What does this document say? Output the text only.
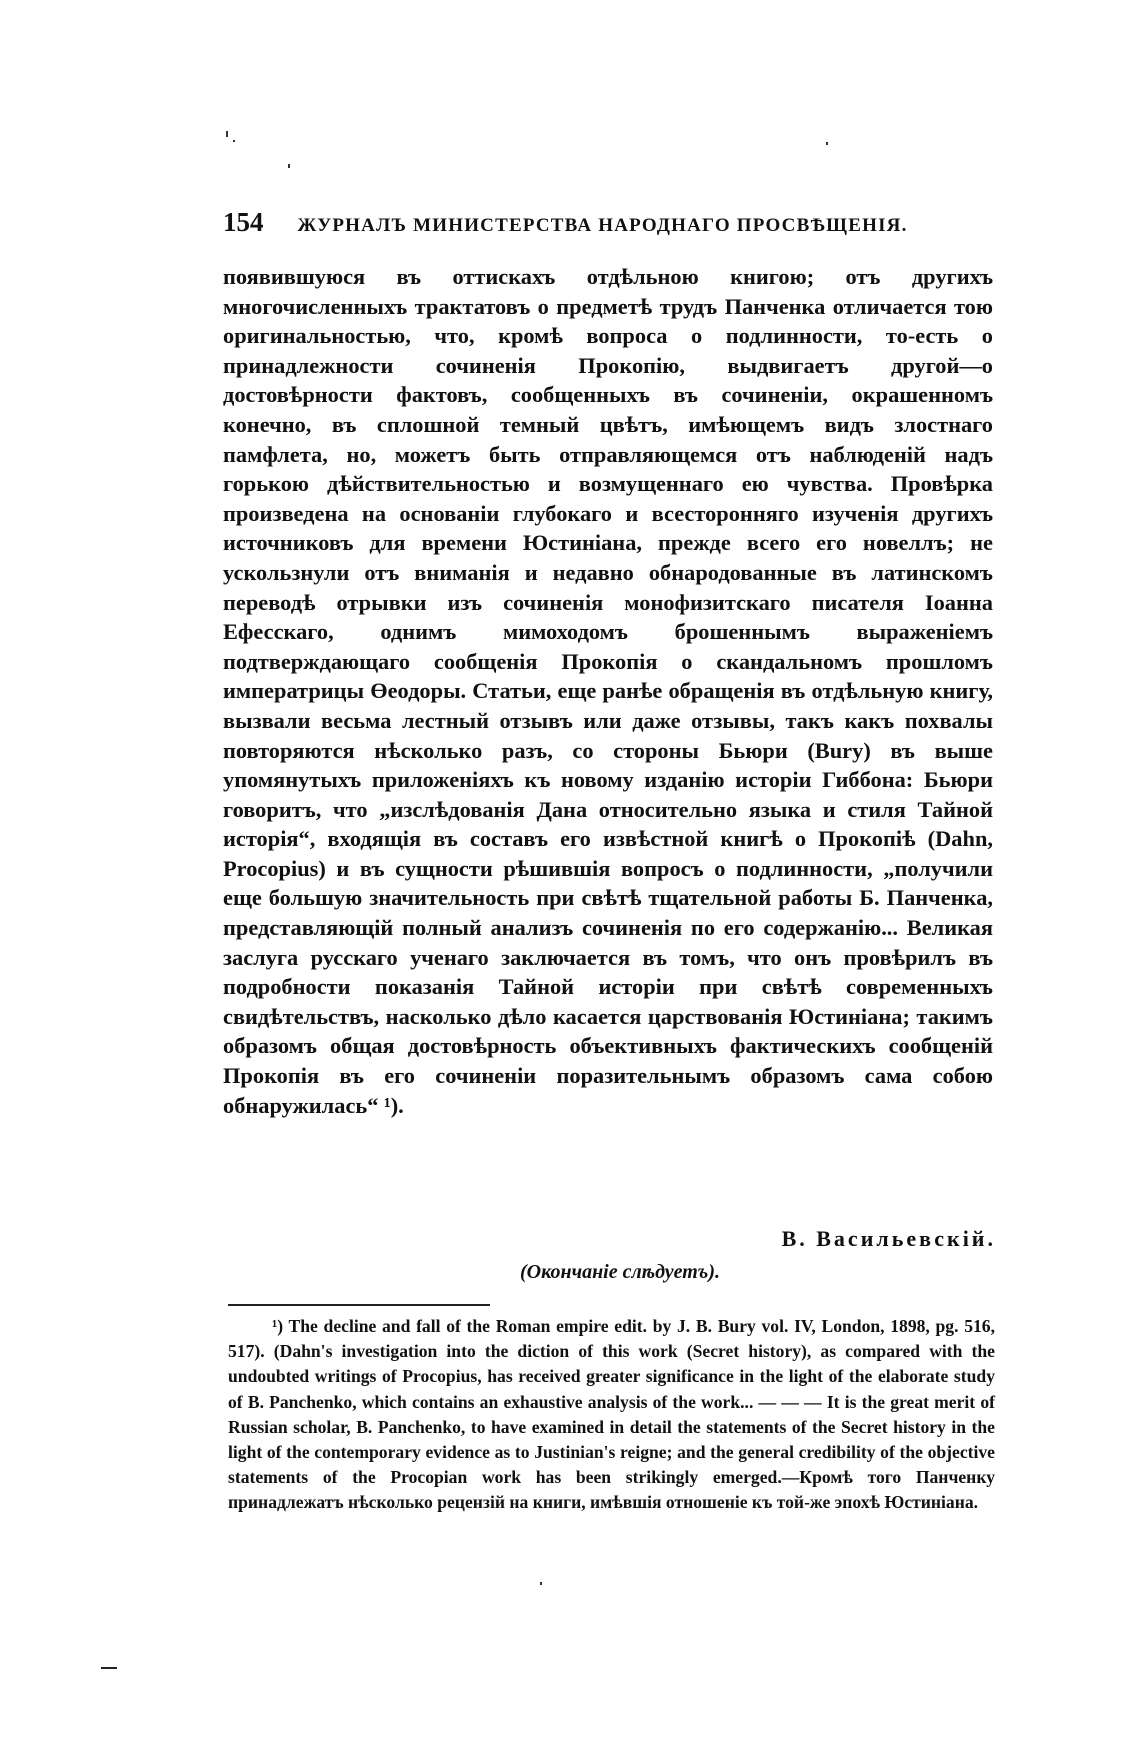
154 ЖУРНАЛЪ МИНИСТЕРСТВА НАРОДНАГО ПРОСВѢЩЕНІЯ.

появившуюся въ оттискахъ отдѣльною книгою; отъ другихъ многочисленныхъ трактатовъ о предметѣ трудъ Панченка отличается тою оригинальностью, что, кромѣ вопроса о подлинности, то-есть о принадлежности сочиненія Прокопію, выдвигаетъ другой—о достовѣрности фактовъ, сообщенныхъ въ сочиненіи, окрашенномъ конечно, въ сплошной темный цвѣтъ, имѣющемъ видъ злостнаго памфлета, но, можетъ быть отправляющемся отъ наблюденій надъ горькою дѣйствительностью и возмущеннаго ею чувства. Провѣрка произведена на основаніи глубокаго и всесторонняго изученія другихъ источниковъ для времени Юстиніана, прежде всего его новеллъ; не ускользнули отъ вниманія и недавно обнародованные въ латинскомъ переводѣ отрывки изъ сочиненія монофизитскаго писателя Іоанна Ефесскаго, однимъ мимоходомъ брошеннымъ выраженіемъ подтверждающаго сообщенія Прокопія о скандальномъ прошломъ императрицы Өеодоры. Статьи, еще ранѣе обращенія въ отдѣльную книгу, вызвали весьма лестный отзывъ или даже отзывы, такъ какъ похвалы повторяются нѣсколько разъ, со стороны Бьюри (Bury) въ выше упомянутыхъ приложеніяхъ къ новому изданію исторіи Гиббона: Бьюри говоритъ, что „изслѣдованія Дана относительно языка и стиля Тайной исторія“, входящія въ составъ его извѣстной книгѣ о Прокопіѣ (Dahn, Procopius) и въ сущности рѣшившія вопросъ о подлинности, „получили еще большую значительность при свѣтѣ тщательной работы Б. Панченка, представляющій полный анализъ сочиненія по его содержанію... Великая заслуга русскаго ученаго заключается въ томъ, что онъ провѣрилъ въ подробности показанія Тайной исторіи при свѣтѣ современныхъ свидѣтельствъ, насколько дѣло касается царствованія Юстиніана; такимъ образомъ общая достовѣрность объективныхъ фактическихъ сообщеній Прокопія въ его сочиненіи поразительнымъ образомъ сама собою обнаружилась“ ¹).

В. Васильевскій.
(Окончаніе слѣдуетъ).

¹) The decline and fall of the Roman empire edit. by J. B. Bury vol. IV, London, 1898, pg. 516, 517). (Dahn's investigation into the diction of this work (Secret history), as compared with the undoubted writings of Procopius, has received greater significance in the light of the elaborate study of B. Panchenko, which contains an exhaustive analysis of the work... — — — It is the great merit of Russian scholar, B. Panchenko, to have examined in detail the statements of the Secret history in the light of the contemporary evidence as to Justinian's reigne; and the general credibility of the objective statements of the Procopian work has been strikingly emerged.—Кромѣ того Панченку принадлежатъ нѣсколько рецензій на книги, имѣвшія отношеніе къ той-же эпохѣ Юстиніана.
